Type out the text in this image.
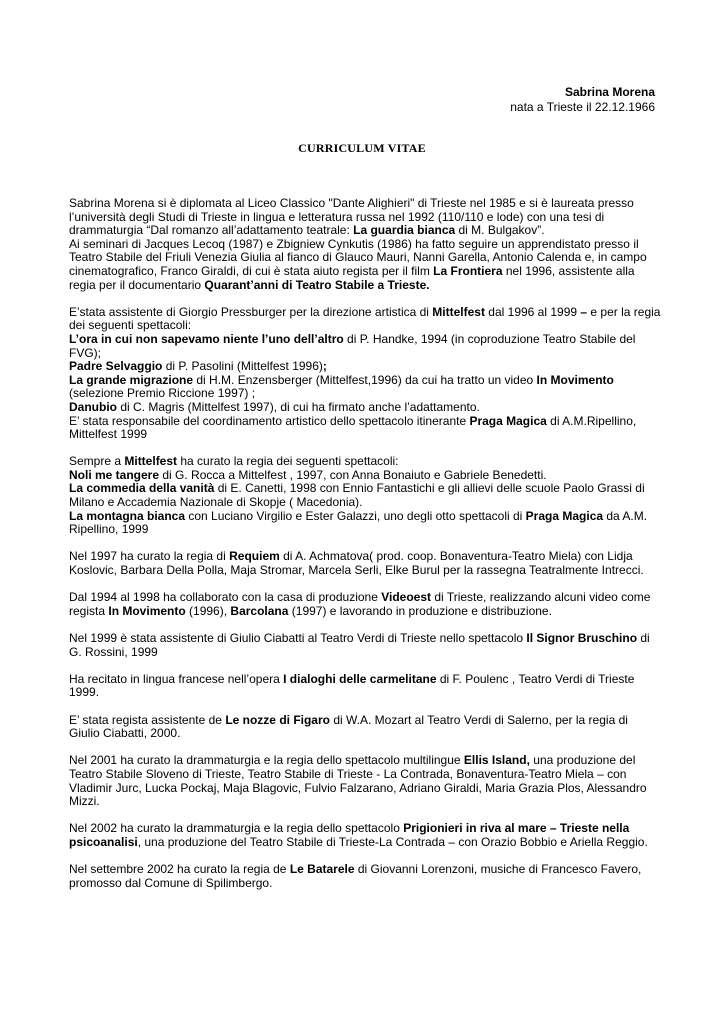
Sabrina Morena
nata a Trieste il 22.12.1966
CURRICULUM VITAE

Sabrina Morena si è diplomata al Liceo Classico "Dante Alighieri" di Trieste nel 1985 e si è laureata presso l’università degli Studi di Trieste in lingua e letteratura russa nel 1992 (110/110 e lode) con una tesi di drammaturgia “Dal romanzo all’adattamento teatrale: La guardia bianca di M. Bulgakov”.
Ai seminari di Jacques Lecoq (1987) e Zbigniew Cynkutis (1986) ha fatto seguire un apprendistato presso il Teatro Stabile del Friuli Venezia Giulia al fianco di Glauco Mauri, Nanni Garella, Antonio Calenda e, in campo cinematografico, Franco Giraldi, di cui è stata aiuto regista per il film La Frontiera nel 1996, assistente alla regia per il documentario Quarant’anni di Teatro Stabile a Trieste.

E’stata assistente di Giorgio Pressburger per la direzione artistica di Mittelfest dal 1996 al 1999 – e per la regia dei seguenti spettacoli:
L’ora in cui non sapevamo niente l’uno dell’altro di P. Handke, 1994 (in coproduzione Teatro Stabile del FVG);
Padre Selvaggio di P. Pasolini (Mittelfest 1996);
La grande migrazione di H.M. Enzensberger (Mittelfest,1996) da cui ha tratto un video In Movimento (selezione Premio Riccione 1997) ;
Danubio di C. Magris (Mittelfest 1997), di cui ha firmato anche l’adattamento.
E’ stata responsabile del coordinamento artistico dello spettacolo itinerante Praga Magica di A.M.Ripellino, Mittelfest 1999

Sempre a Mittelfest ha curato la regia dei seguenti spettacoli:
Noli me tangere di G. Rocca a Mittelfest , 1997, con Anna Bonaiuto e Gabriele Benedetti.
La commedia della vanità di E. Canetti, 1998 con Ennio Fantastichi e gli allievi delle scuole Paolo Grassi di Milano e Accademia Nazionale di Skopje ( Macedonia).
La montagna bianca con Luciano Virgilio e Ester Galazzi, uno degli otto spettacoli di Praga Magica da A.M. Ripellino, 1999

Nel 1997 ha curato la regia di Requiem di A. Achmatova( prod. coop. Bonaventura-Teatro Miela) con Lidja Koslovic, Barbara Della Polla, Maja Stromar, Marcela Serli, Elke Burul per la rassegna Teatralmente Intrecci.

Dal 1994 al 1998 ha collaborato con la casa di produzione Videoest di Trieste, realizzando alcuni video come regista In Movimento (1996), Barcolana (1997) e lavorando in produzione e distribuzione.

Nel 1999 è stata assistente di Giulio Ciabatti al Teatro Verdi di Trieste nello spettacolo Il Signor Bruschino di G. Rossini, 1999

Ha recitato in lingua francese nell’opera I dialoghi delle carmelitane di F. Poulenc , Teatro Verdi di Trieste 1999.

E’ stata regista assistente de Le nozze di Figaro di W.A. Mozart al Teatro Verdi di Salerno, per la regia di Giulio Ciabatti, 2000.

Nel 2001 ha curato la drammaturgia e la regia dello spettacolo multilingue Ellis Island, una produzione del Teatro Stabile Sloveno di Trieste, Teatro Stabile di Trieste - La Contrada, Bonaventura-Teatro Miela – con Vladimir Jurc, Lucka Pockaj, Maja Blagovic, Fulvio Falzarano, Adriano Giraldi, Maria Grazia Plos, Alessandro Mizzi.

Nel 2002 ha curato la drammaturgia e la regia dello spettacolo Prigionieri in riva al mare – Trieste nella psicoanalisi, una produzione del Teatro Stabile di Trieste-La Contrada – con Orazio Bobbio e Ariella Reggio.

Nel settembre 2002 ha curato la regia de Le Batarele di Giovanni Lorenzoni, musiche di Francesco Favero, promosso dal Comune di Spilimbergo.
